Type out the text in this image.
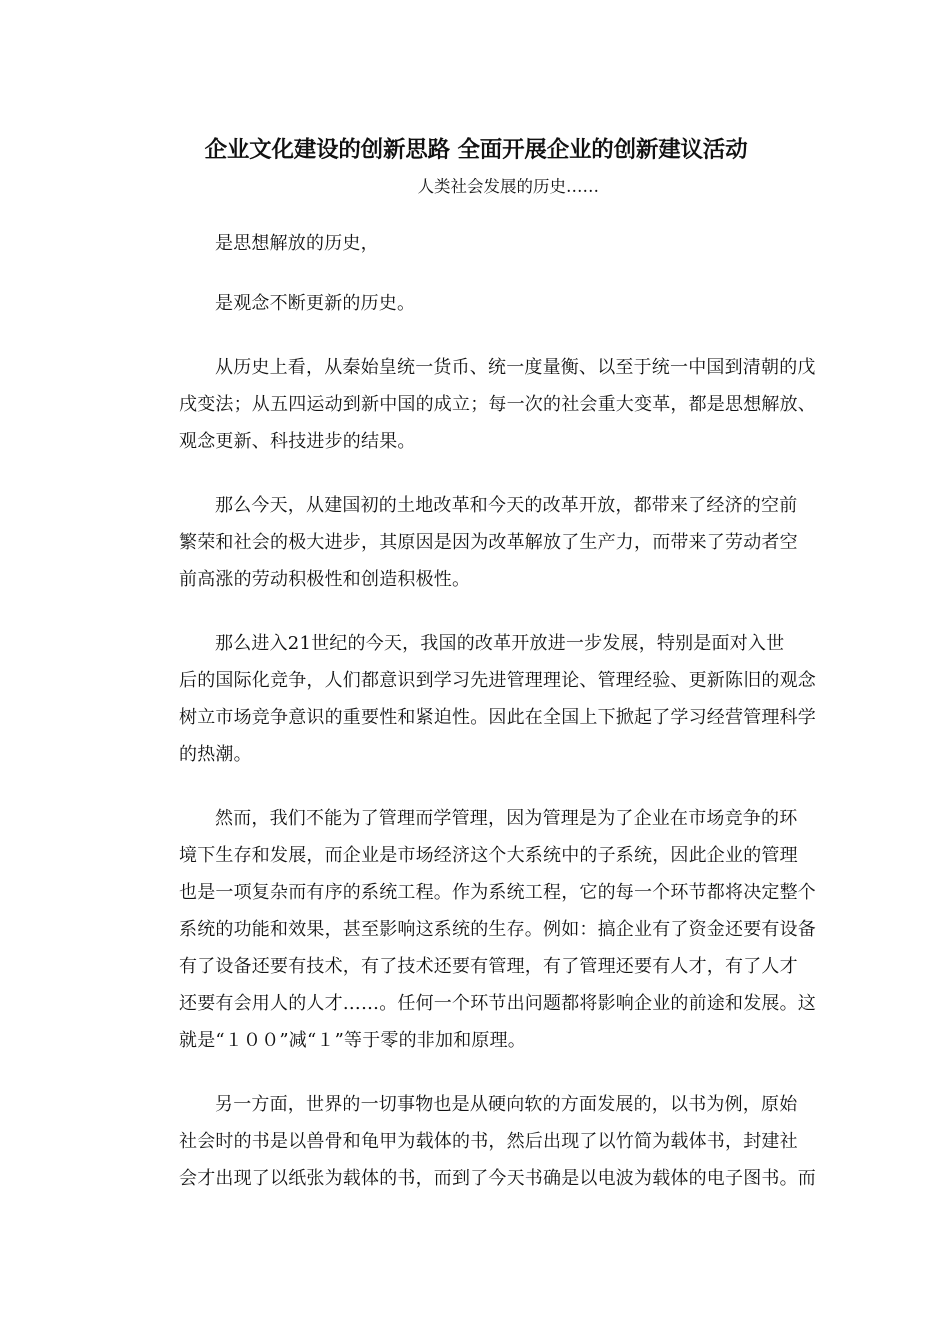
企业文化建设的创新思路 全面开展企业的创新建议活动

人类社会发展的历史……

是思想解放的历史，
是观念不断更新的历史。
从历史上看，从秦始皇统一货币、统一度量衡、以至于统一中国到清朝的戊
戌变法；从五四运动到新中国的成立；每一次的社会重大变革，都是思想解放、
观念更新、科技进步的结果。
那么今天，从建国初的土地改革和今天的改革开放，都带来了经济的空前
繁荣和社会的极大进步，其原因是因为改革解放了生产力，而带来了劳动者空
前高涨的劳动积极性和创造积极性。
那么进入21世纪的今天，我国的改革开放进一步发展，特别是面对入世
后的国际化竞争，人们都意识到学习先进管理理论、管理经验、更新陈旧的观念
树立市场竞争意识的重要性和紧迫性。因此在全国上下掀起了学习经营管理科学
的热潮。
然而，我们不能为了管理而学管理，因为管理是为了企业在市场竞争的环
境下生存和发展，而企业是市场经济这个大系统中的子系统，因此企业的管理
也是一项复杂而有序的系统工程。作为系统工程，它的每一个环节都将决定整个
系统的功能和效果，甚至影响这系统的生存。例如：搞企业有了资金还要有设备
有了设备还要有技术，有了技术还要有管理，有了管理还要有人才，有了人才
还要有会用人的人才……。任何一个环节出问题都将影响企业的前途和发展。这
就是“１００”减“１”等于零的非加和原理。
另一方面，世界的一切事物也是从硬向软的方面发展的，以书为例，原始
社会时的书是以兽骨和龟甲为载体的书，然后出现了以竹简为载体书，封建社
会才出现了以纸张为载体的书，而到了今天书确是以电波为载体的电子图书。而
